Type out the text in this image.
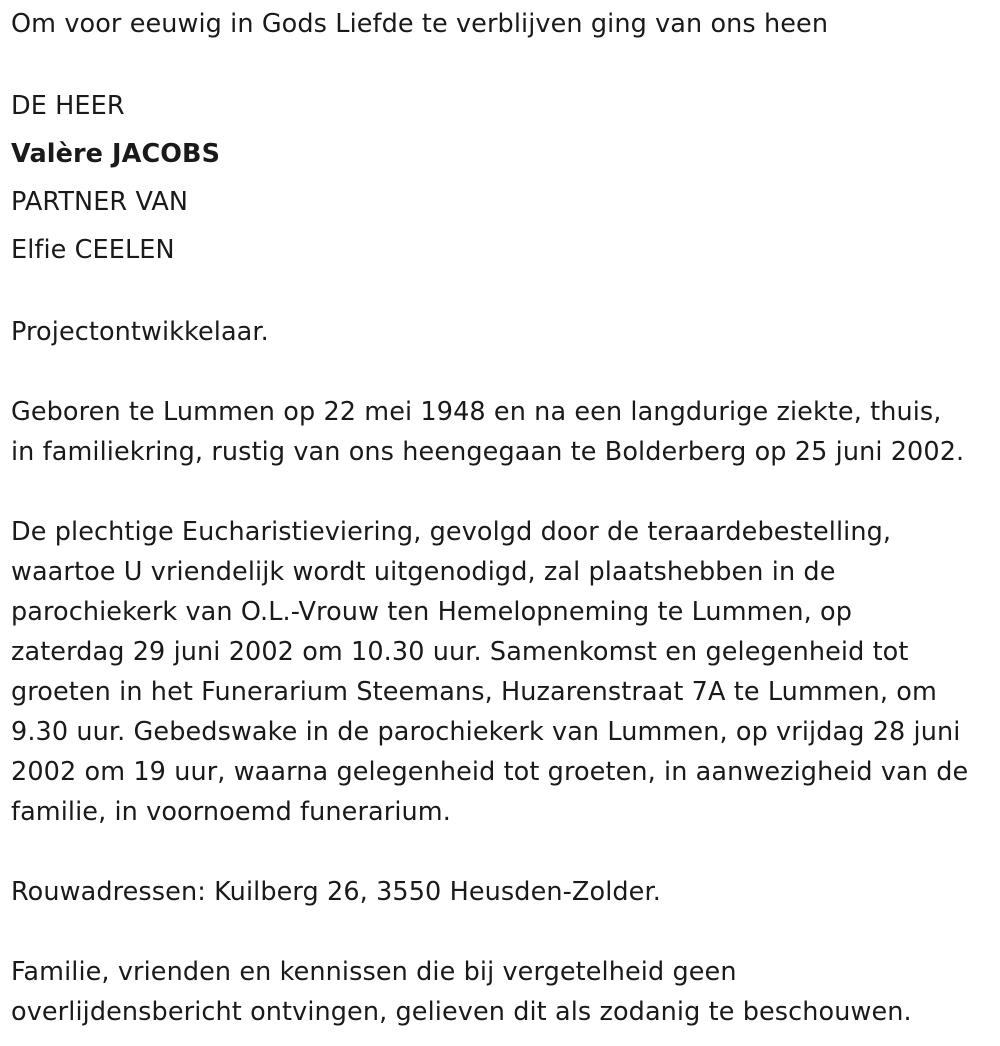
Om voor eeuwig in Gods Liefde te verblijven ging van ons heen

DE HEER

Valère JACOBS

PARTNER VAN

Elfie CEELEN

Projectontwikkelaar.

Geboren te Lummen op 22 mei 1948 en na een langdurige ziekte, thuis,

in familiekring, rustig van ons heengegaan te Bolderberg op 25 juni 2002.

De plechtige Eucharistieviering, gevolgd door de teraardebestelling,

waartoe U vriendelijk wordt uitgenodigd, zal plaatshebben in de

parochiekerk van O.L.-Vrouw ten Hemelopneming te Lummen, op

zaterdag 29 juni 2002 om 10.30 uur. Samenkomst en gelegenheid tot

groeten in het Funerarium Steemans, Huzarenstraat 7A te Lummen, om

9.30 uur. Gebedswake in de parochiekerk van Lummen, op vrijdag 28 juni

2002 om 19 uur, waarna gelegenheid tot groeten, in aanwezigheid van de

familie, in voornoemd funerarium.

Rouwadressen: Kuilberg 26, 3550 Heusden-Zolder.

Familie, vrienden en kennissen die bij vergetelheid geen

overlijdensbericht ontvingen, gelieven dit als zodanig te beschouwen.
